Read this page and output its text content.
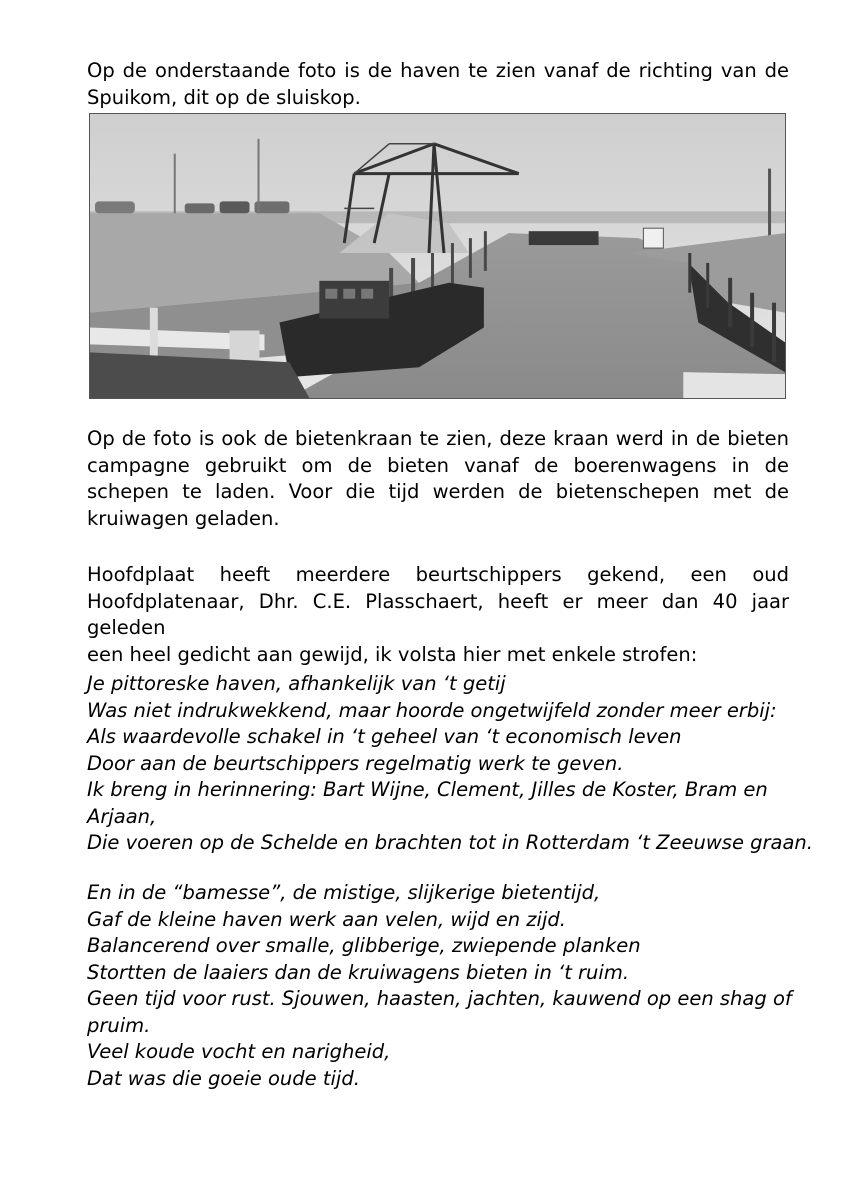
Op de onderstaande foto is de haven te zien vanaf de richting van de Spuikom, dit op de sluiskop.

Op de foto is ook de bietenkraan te zien, deze kraan werd in de bieten campagne gebruikt om de bieten vanaf de boerenwagens in de schepen te laden. Voor die tijd werden de bietenschepen met de kruiwagen geladen.

Hoofdplaat heeft meerdere beurtschippers gekend, een oud
Hoofdplatenaar, Dhr. C.E. Plasschaert, heeft er meer dan 40 jaar geleden
een heel gedicht aan gewijd, ik volsta hier met enkele strofen:
Je pittoreske haven, afhankelijk van ‘t getij
Was niet indrukwekkend, maar hoorde ongetwijfeld zonder meer erbij:
Als waardevolle schakel in ‘t geheel van ‘t economisch leven
Door aan de beurtschippers regelmatig werk te geven.
Ik breng in herinnering: Bart Wijne, Clement, Jilles de Koster, Bram en
Arjaan,
Die voeren op de Schelde en brachten tot in Rotterdam ‘t Zeeuwse graan.
En in de “bamesse”, de mistige, slijkerige bietentijd,
Gaf de kleine haven werk aan velen, wijd en zijd.
Balancerend over smalle, glibberige, zwiepende planken
Stortten de laaiers dan de kruiwagens bieten in ‘t ruim.
Geen tijd voor rust. Sjouwen, haasten, jachten, kauwend op een shag of
pruim.
Veel koude vocht en narigheid,
Dat was die goeie oude tijd.
